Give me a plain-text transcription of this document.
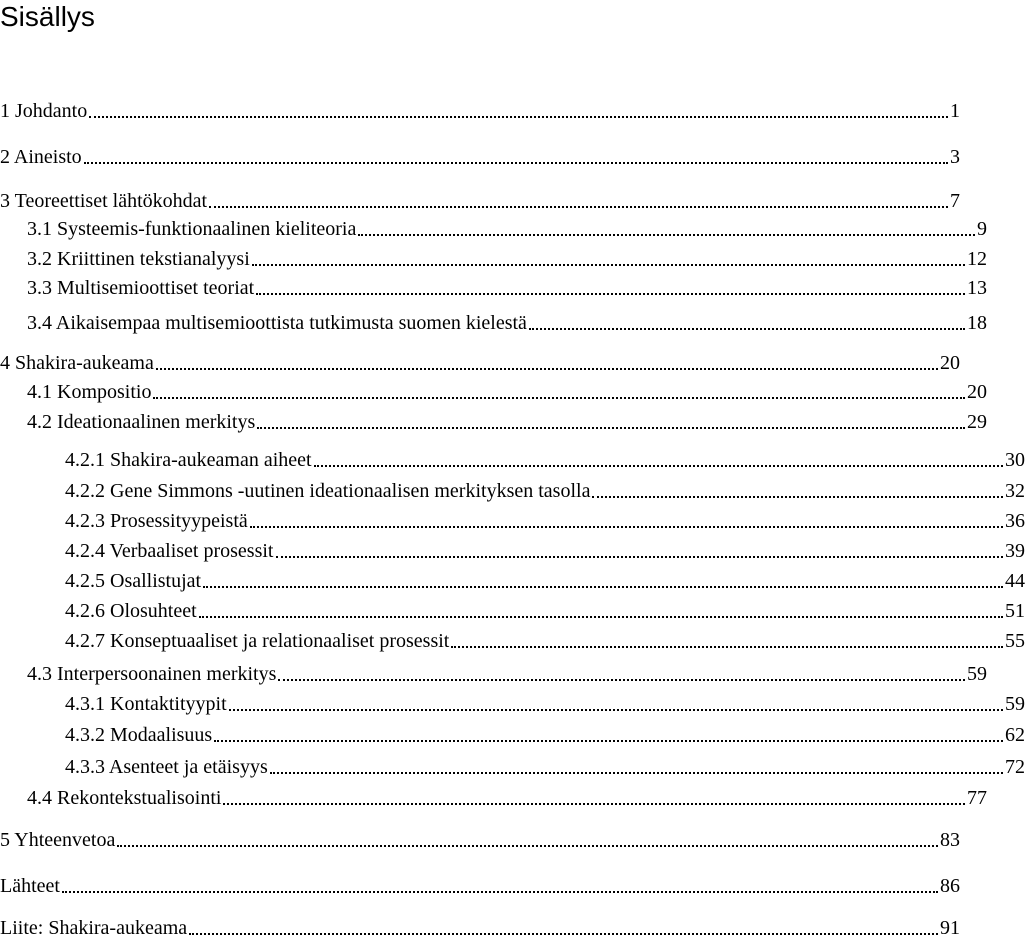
Sisällys
1 Johdanto	1
2 Aineisto	3
3 Teoreettiset lähtökohdat	7
3.1 Systeemis-funktionaalinen kieliteoria	9
3.2 Kriittinen tekstianalyysi	12
3.3 Multisemioottiset teoriat	13
3.4 Aikaisempaa multisemioottista tutkimusta suomen kielestä	18
4 Shakira-aukeama	20
4.1 Kompositio	20
4.2 Ideationaalinen merkitys	29
4.2.1 Shakira-aukeaman aiheet	30
4.2.2 Gene Simmons -uutinen ideationaalisen merkityksen tasolla	32
4.2.3 Prosessityypeistä	36
4.2.4 Verbaaliset prosessit	39
4.2.5 Osallistujat	44
4.2.6 Olosuhteet	51
4.2.7 Konseptuaaliset ja relationaaliset prosessit	55
4.3 Interpersoonainen merkitys	59
4.3.1 Kontaktityypit	59
4.3.2 Modaalisuus	62
4.3.3 Asenteet ja etäisyys	72
4.4 Rekontekstualisointi	77
5 Yhteenvetoa	83
Lähteet	86
Liite: Shakira-aukeama	91
